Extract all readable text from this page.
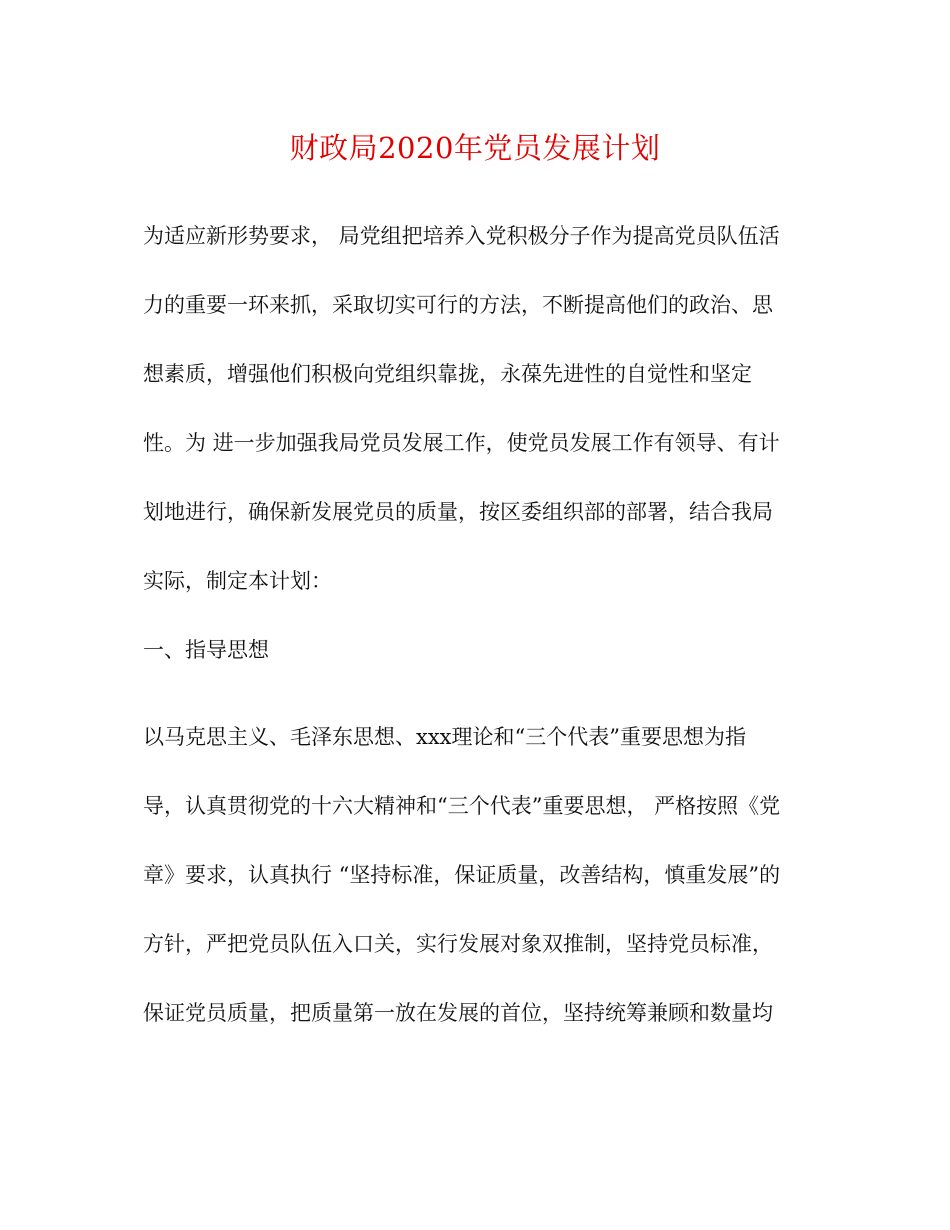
财政局2020年党员发展计划

为适应新形势要求， 局党组把培养入党积极分子作为提高党员队伍活

力的重要一环来抓，采取切实可行的方法，不断提高他们的政治、思

想素质，增强他们积极向党组织靠拢，永葆先进性的自觉性和坚定

性。为 进一步加强我局党员发展工作，使党员发展工作有领导、有计

划地进行，确保新发展党员的质量，按区委组织部的部署，结合我局

实际，制定本计划：

一、指导思想

以马克思主义、毛泽东思想、xxx理论和“三个代表”重要思想为指

导，认真贯彻党的十六大精神和“三个代表”重要思想， 严格按照《党

章》要求，认真执行 “坚持标准，保证质量，改善结构，慎重发展”的

方针，严把党员队伍入口关，实行发展对象双推制，坚持党员标准，

保证党员质量，把质量第一放在发展的首位，坚持统筹兼顾和数量均
